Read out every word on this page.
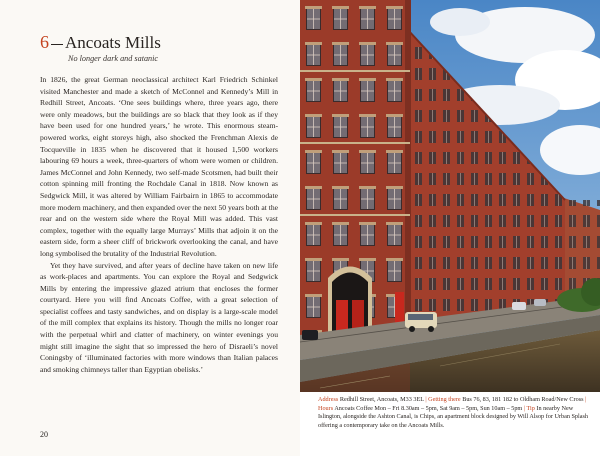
6 Ancoats Mills
No longer dark and satanic

In 1826, the great German neoclassical architect Karl Friedrich Schinkel visited Manchester and made a sketch of McConnel and Kennedy’s Mill in Redhill Street, Ancoats. ‘One sees buildings where, three years ago, there were only meadows, but the buildings are so black that they look as if they have been used for one hundred years,’ he wrote. This enormous steam-powered works, eight storeys high, also shocked the Frenchman Alexis de Tocqueville in 1835 when he discovered that it housed 1,500 workers labouring 69 hours a week, three-quarters of whom were women or children. James McConnel and John Kennedy, two self-made Scotsmen, had built their cotton spinning mill fronting the Rochdale Canal in 1818. Now known as Sedgwick Mill, it was altered by William Fairbairn in 1865 to accommodate more modern machinery, and then expanded over the next 50 years both at the rear and on the western side where the Royal Mill was added. This vast complex, together with the equally large Murrays’ Mills that adjoin it on the eastern side, form a sheer cliff of brickwork overlooking the canal, and have long symbolised the brutality of the Industrial Revolution.

Yet they have survived, and after years of decline have taken on new life as work-places and apartments. You can explore the Royal and Sedgwick Mills by entering the impressive glazed atrium that encloses the former courtyard. Here you will find Ancoats Coffee, with a great selection of specialist coffees and tasty sandwiches, and on display is a large-scale model of the mill complex that explains its history. Though the mills no longer roar with the perpetual whirl and clatter of machinery, on winter evenings you might still imagine the sight that so impressed the hero of Disraeli’s novel Coningsby of ‘illuminated factories with more windows than Italian palaces and smoking chimneys taller than Egyptian obelisks.’

20
Address Redhill Street, Ancoats, M33 3EL | Getting there Bus 76, 83, 181 182 to Oldham Road/New Cross | Hours Ancoats Coffee Mon – Fri 8.30am – 5pm, Sat 9am – 5pm, Sun 10am – 5pm | Tip In nearby New Islington, alongside the Ashton Canal, is Chips, an apartment block designed by Will Alsop for Urban Splash offering a contemporary take on the Ancoats Mills.
